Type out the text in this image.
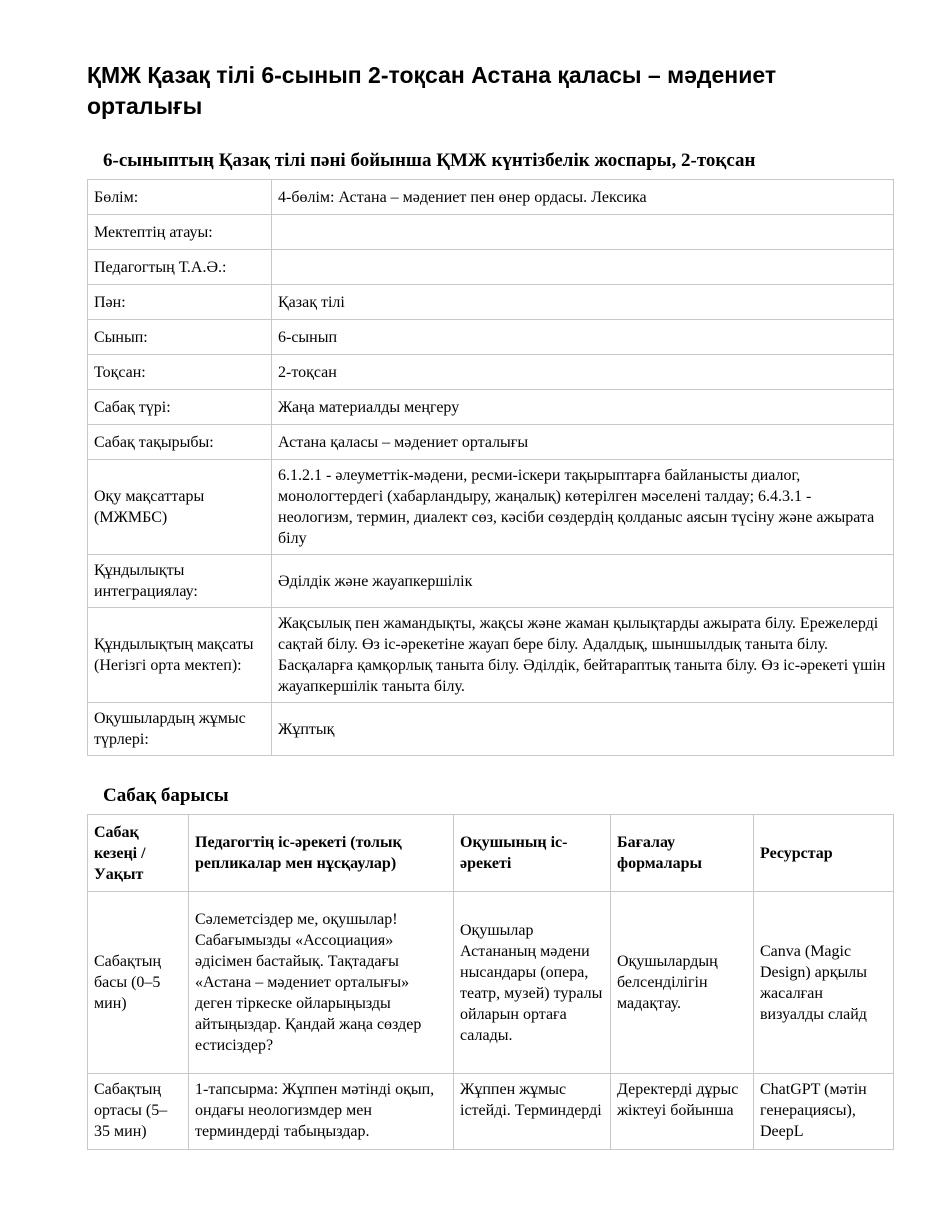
ҚМЖ Қазақ тілі 6-сынып 2-тоқсан Астана қаласы – мәдениет орталығы
6-сыныптың Қазақ тілі пәні бойынша ҚМЖ күнтізбелік жоспары, 2-тоқсан
Бөлім:	4-бөлім: Астана – мәдениет пен өнер ордасы. Лексика
Мектептің атауы:	
Педагогтың Т.А.Ә.:	
Пән:	Қазақ тілі
Сынып:	6-сынып
Тоқсан:	2-тоқсан
Сабақ түрі:	Жаңа материалды меңгеру
Сабақ тақырыбы:	Астана қаласы – мәдениет орталығы
Оқу мақсаттары (МЖМБС)	6.1.2.1 - әлеуметтік-мәдени, ресми-іскери тақырыптарға байланысты диалог, монологтердегі (хабарландыру, жаңалық) көтерілген мәселені талдау; 6.4.3.1 - неологизм, термин, диалект сөз, кәсіби сөздердің қолданыс аясын түсіну және ажырата білу
Құндылықты интеграциялау:	Әділдік және жауапкершілік
Құндылықтың мақсаты (Негізгі орта мектеп):	Жақсылық пен жамандықты, жақсы және жаман қылықтарды ажырата білу. Ережелерді сақтай білу. Өз іс-әрекетіне жауап бере білу. Адалдық, шыншылдық таныта білу. Басқаларға қамқорлық таныта білу. Әділдік, бейтараптық таныта білу. Өз іс-әрекеті үшін жауапкершілік таныта білу.
Оқушылардың жұмыс түрлері:	Жұптық
Сабақ барысы
Сабақ кезеңі / Уақыт	Педагогтің іс-әрекеті (толық репликалар мен нұсқаулар)	Оқушының іс-әрекеті	Бағалау формалары	Ресурстар
Сабақтың басы (0–5 мин)	Сәлеметсіздер ме, оқушылар! Сабағымызды «Ассоциация» әдісімен бастайық. Тақтадағы «Астана – мәдениет орталығы» деген тіркеске ойларыңызды айтыңыздар. Қандай жаңа сөздер естисіздер?	Оқушылар Астананың мәдени нысандары (опера, театр, музей) туралы ойларын ортаға салады.	Оқушылардың белсенділігін мадақтау.	Canva (Magic Design) арқылы жасалған визуалды слайд
Сабақтың ортасы (5–35 мин)	1-тапсырма: Жұппен мәтінді оқып, ондағы неологизмдер мен терминдерді табыңыздар.	Жұппен жұмыс істейді. Терминдерді	Деректерді дұрыс жіктеуі бойынша	ChatGPT (мәтін генерациясы), DeepL
